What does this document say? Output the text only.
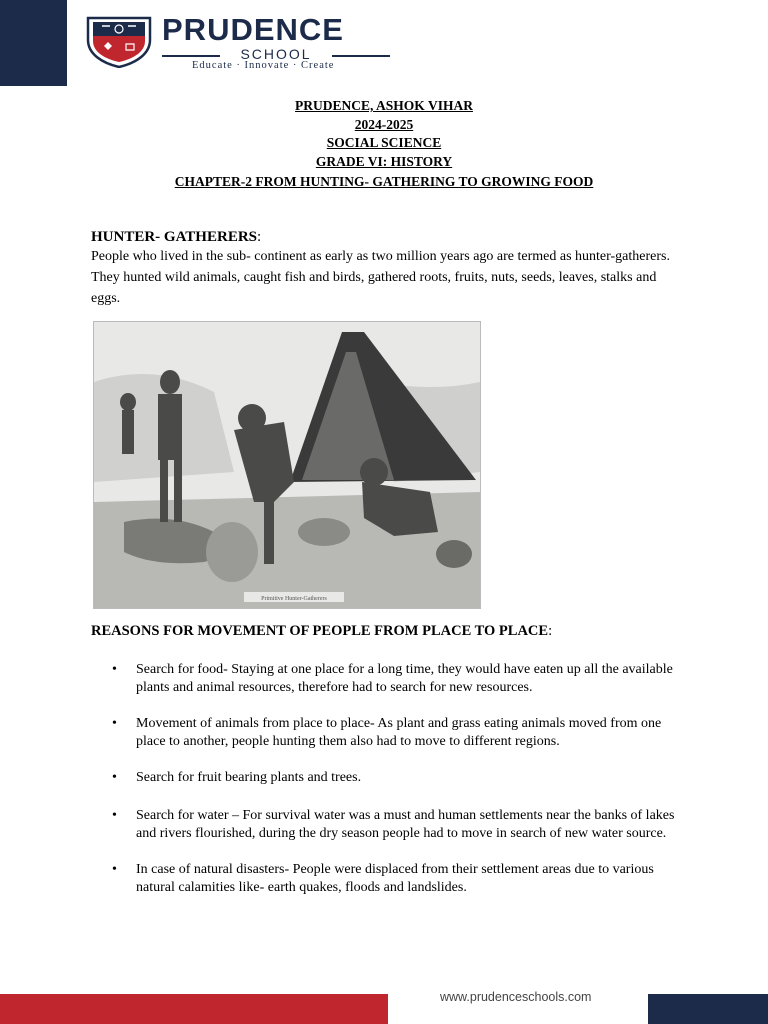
PRUDENCE
SCHOOL
Educate · Innovate · Create
PRUDENCE, ASHOK VIHAR
2024-2025
SOCIAL SCIENCE
GRADE VI: HISTORY
CHAPTER-2 FROM HUNTING- GATHERING TO GROWING FOOD
HUNTER- GATHERERS:
People who lived in the sub- continent as early as two million years ago are termed as hunter-gatherers. They hunted wild animals, caught fish and birds, gathered roots, fruits, nuts, seeds, leaves, stalks and eggs.
Primitive Hunter-Gatherers
REASONS FOR MOVEMENT OF PEOPLE FROM PLACE TO PLACE:
• Search for food- Staying at one place for a long time, they would have eaten up all the available plants and animal resources, therefore had to search for new resources.
• Movement of animals from place to place- As plant and grass eating animals moved from one place to another, people hunting them also had to move to different regions.
• Search for fruit bearing plants and trees.
• Search for water – For survival water was a must and human settlements near the banks of lakes and rivers flourished, during the dry season people had to move in search of new water source.
• In case of natural disasters- People were displaced from their settlement areas due to various natural calamities like- earth quakes, floods and landslides.
www.prudenceschools.com
